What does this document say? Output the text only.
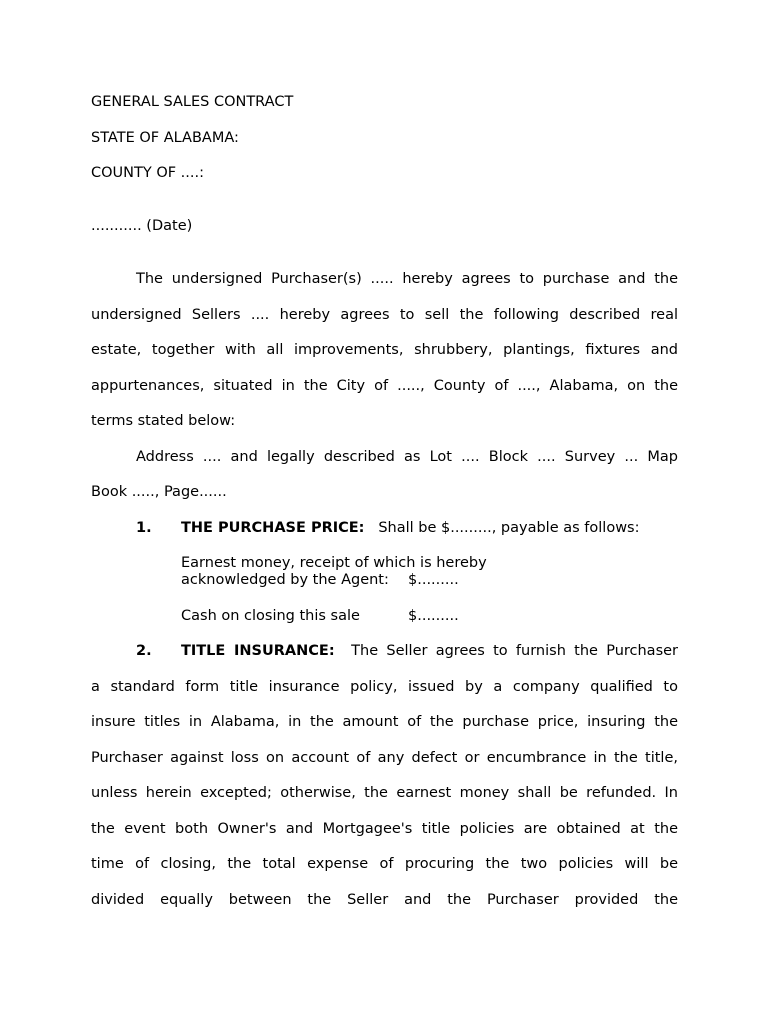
GENERAL SALES CONTRACT
STATE OF ALABAMA:
COUNTY OF ....:
........... (Date)
The undersigned Purchaser(s) ..... hereby agrees to purchase and the
undersigned Sellers .... hereby agrees to sell the following described real
estate, together with all improvements, shrubbery, plantings, fixtures and
appurtenances, situated in the City of ....., County of ...., Alabama, on the
terms stated below:
Address .... and legally described as Lot .... Block .... Survey ... Map
Book ....., Page......
1. THE PURCHASE PRICE: Shall be $........., payable as follows:
Earnest money, receipt of which is hereby
acknowledged by the Agent: $.........
Cash on closing this sale	$.........
2. TITLE INSURANCE: The Seller agrees to furnish the Purchaser
a standard form title insurance policy, issued by a company qualified to
insure titles in Alabama, in the amount of the purchase price, insuring the
Purchaser against loss on account of any defect or encumbrance in the title,
unless herein excepted; otherwise, the earnest money shall be refunded. In
the event both Owner's and Mortgagee's title policies are obtained at the
time of closing, the total expense of procuring the two policies will be
divided equally between the Seller and the Purchaser provided the
